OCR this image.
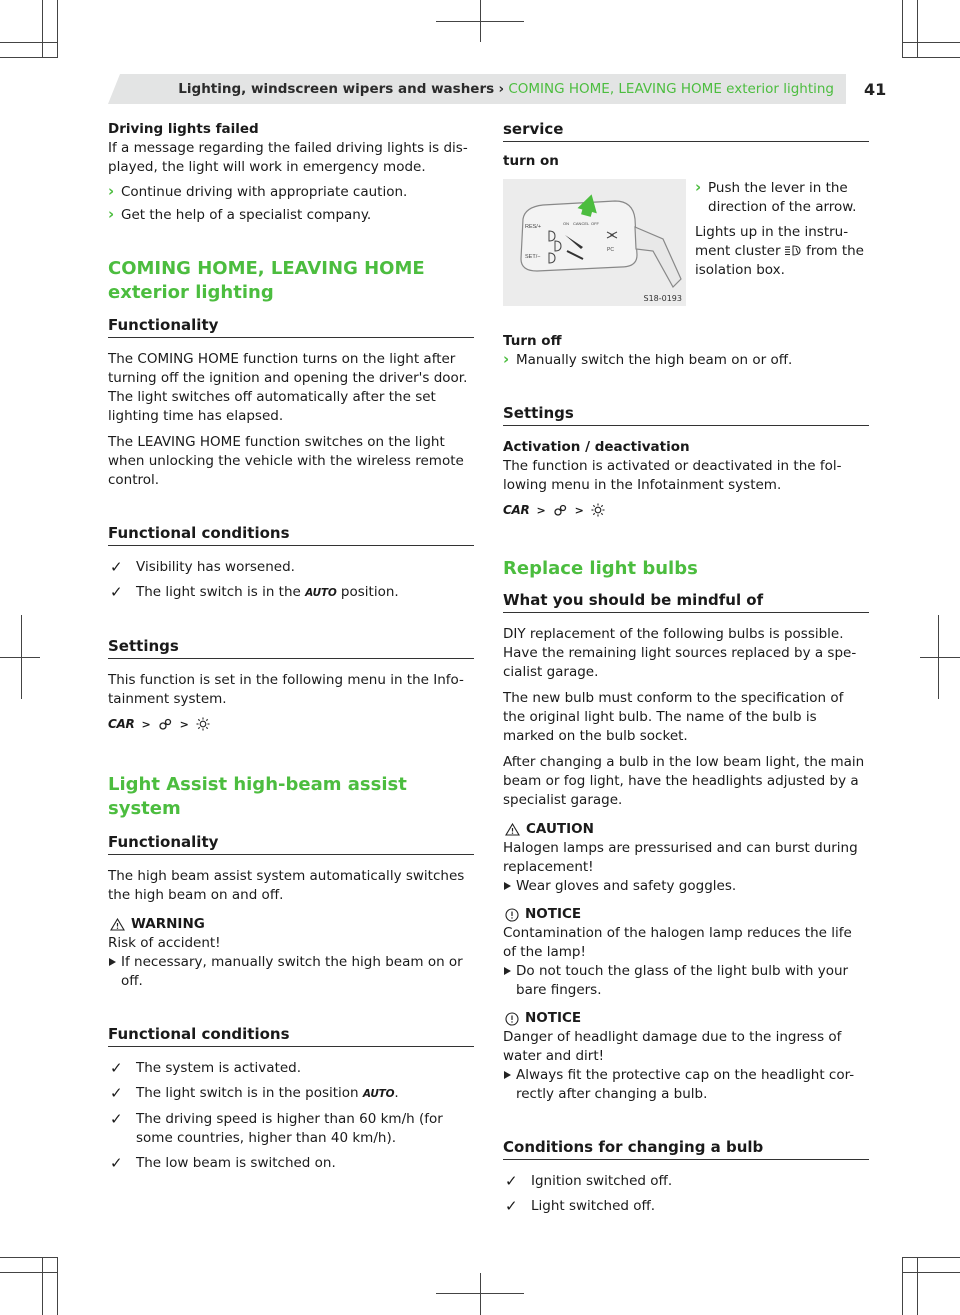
Lighting, windscreen wipers and washers › COMING HOME, LEAVING HOME exterior lighting 41

Driving lights failed

If a message regarding the failed driving lights is dis-played, the light will work in emergency mode.

› Continue driving with appropriate caution.
› Get the help of a specialist company.
COMING HOME, LEAVING HOME
exterior lighting
Functionality

The COMING HOME function turns on the light after turning off the ignition and opening the driver's door. The light switches off automatically after the set lighting time has elapsed.

The LEAVING HOME function switches on the light when unlocking the vehicle with the wireless remote control.

Functional conditions
✓ Visibility has worsened.
✓ The light switch is in the AUTO position.
Settings

This function is set in the following menu in the Info-tainment system.

CAR >	>
Light Assist high-beam assist system
Functionality

The high beam assist system automatically switches the high beam on and off.

WARNING

Risk of accident!

If necessary, manually switch the high beam on or off.
Functional conditions
✓ The system is activated.
✓ The light switch is in the position AUTO.
✓ The driving speed is higher than 60 km/h (for some countries, higher than 40 km/h).
✓ The low beam is switched on.
service

turn on

RES/+
SET/−
ON CANCEL OFF
PC
S18-0193
› Push the lever in the direction of the arrow.

Lights up in the instru-ment cluster from the isolation box.

Turn off

› Manually switch the high beam on or off.
Settings

Activation / deactivation

The function is activated or deactivated in the fol-lowing menu in the Infotainment system.

CAR >	>
Replace light bulbs
What you should be mindful of

DIY replacement of the following bulbs is possible. Have the remaining light sources replaced by a spe-cialist garage.

The new bulb must conform to the specification of the original light bulb. The name of the bulb is marked on the bulb socket.

After changing a bulb in the low beam light, the main beam or fog light, have the headlights adjusted by a specialist garage.

CAUTION

Halogen lamps are pressurised and can burst during replacement!

Wear gloves and safety goggles.
NOTICE

Contamination of the halogen lamp reduces the life of the lamp!

Do not touch the glass of the light bulb with your bare fingers.
NOTICE

Danger of headlight damage due to the ingress of water and dirt!

Always fit the protective cap on the headlight cor-rectly after changing a bulb.
Conditions for changing a bulb
✓ Ignition switched off.
✓ Light switched off.
